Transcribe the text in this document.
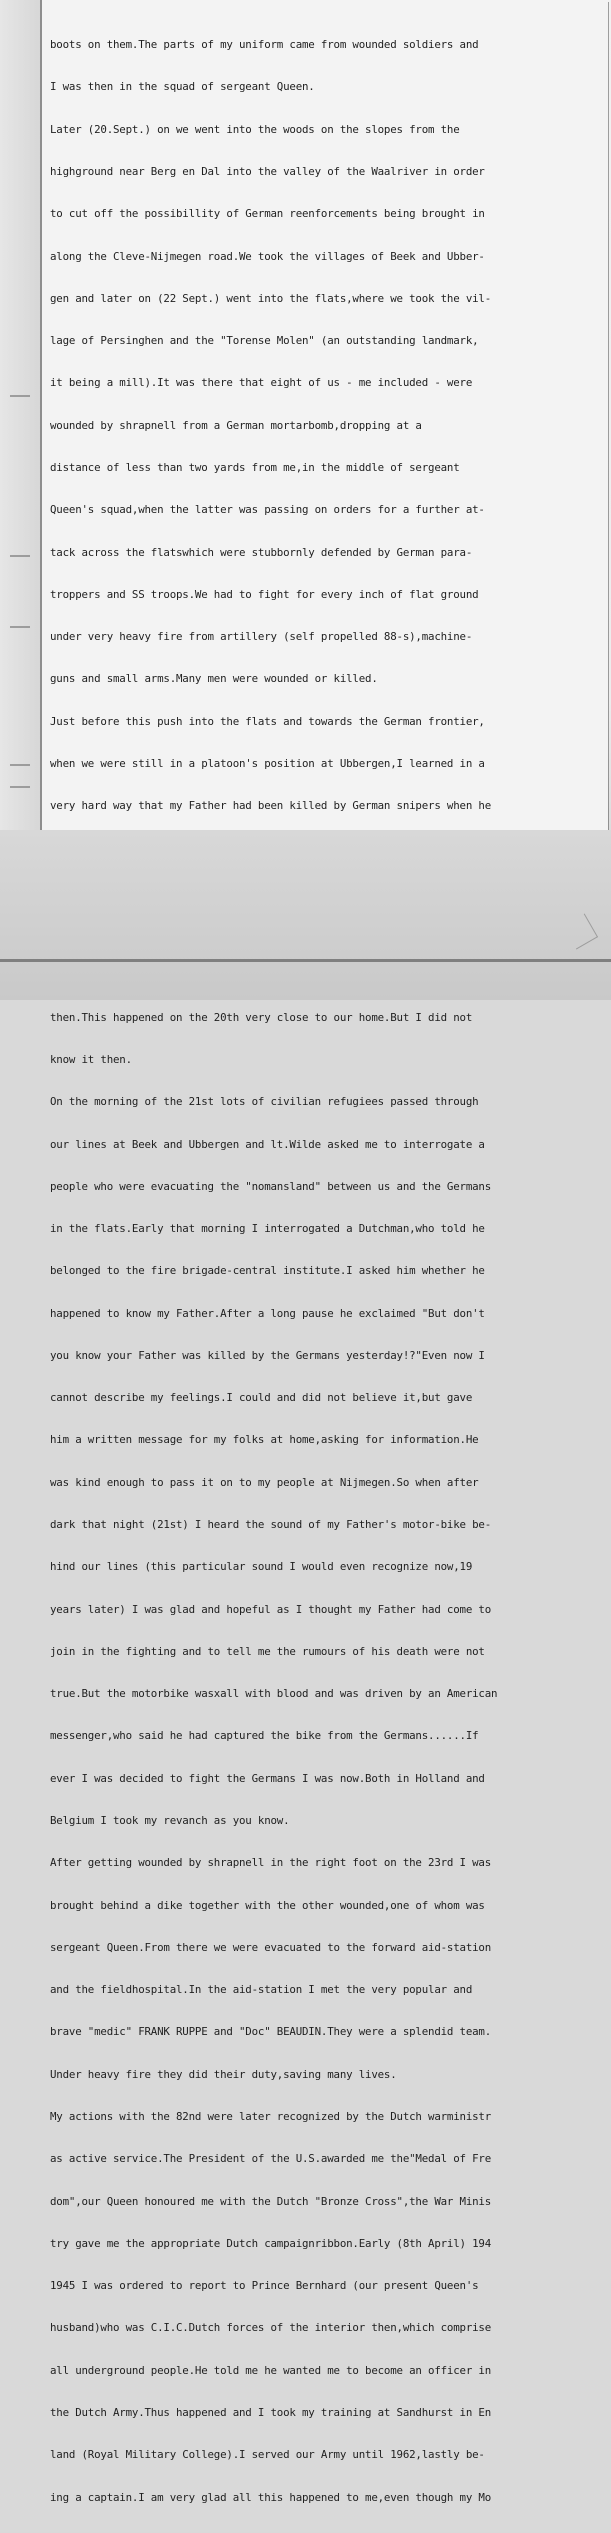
boots on them.The parts of my uniform came from wounded soldiers and

I was then in the squad of sergeant Queen.

Later (20.Sept.) on we went into the woods on the slopes from the

highground near Berg en Dal into the valley of the Waalriver in order

to cut off the possibillity of German reenforcements being brought in

along the Cleve-Nijmegen road.We took the villages of Beek and Ubber-

gen and later on (22 Sept.) went into the flats,where we took the vil-

lage of Persinghen and the "Torense Molen" (an outstanding landmark,

it being a mill).It was there that eight of us - me included - were

wounded by shrapnell from a German mortarbomb,dropping at a

distance of less than two yards from me,in the middle of sergeant

Queen's squad,when the latter was passing on orders for a further at-

tack across the flatswhich were stubbornly defended by German para-

troppers and SS troops.We had to fight for every inch of flat ground

under very heavy fire from artillery (self propelled 88-s),machine-

guns and small arms.Many men were wounded or killed.

Just before this push into the flats and towards the German frontier,

when we were still in a platoon's position at Ubbergen,I learned in a

very hard way that my Father had been killed by German snipers when he

then.This happened on the 20th very close to our home.But I did not

know it then.

On the morning of the 21st lots of civilian refugiees passed through

our lines at Beek and Ubbergen and lt.Wilde asked me to interrogate a

people who were evacuating the "nomansland" between us and the Germans

in the flats.Early that morning I interrogated a Dutchman,who told he

belonged to the fire brigade-central institute.I asked him whether he

happened to know my Father.After a long pause he exclaimed "But don't

you know your Father was killed by the Germans yesterday!?"Even now I

cannot describe my feelings.I could and did not believe it,but gave

him a written message for my folks at home,asking for information.He

was kind enough to pass it on to my people at Nijmegen.So when after

dark that night (21st) I heard the sound of my Father's motor-bike be-

hind our lines (this particular sound I would even recognize now,19

years later) I was glad and hopeful as I thought my Father had come to

join in the fighting and to tell me the rumours of his death were not

true.But the motorbike wasxall with blood and was driven by an American

messenger,who said he had captured the bike from the Germans......If

ever I was decided to fight the Germans I was now.Both in Holland and

Belgium I took my revanch as you know.

After getting wounded by shrapnell in the right foot on the 23rd I was

brought behind a dike together with the other wounded,one of whom was

sergeant Queen.From there we were evacuated to the forward aid-station

and the fieldhospital.In the aid-station I met the very popular and

brave "medic" FRANK RUPPE and "Doc" BEAUDIN.They were a splendid team.

Under heavy fire they did their duty,saving many lives.

My actions with the 82nd were later recognized by the Dutch warministr

as active service.The President of the U.S.awarded me the"Medal of Fre

dom",our Queen honoured me with the Dutch "Bronze Cross",the War Minis

try gave me the appropriate Dutch campaignribbon.Early (8th April) 194

1945 I was ordered to report to Prince Bernhard (our present Queen's

husband)who was C.I.C.Dutch forces of the interior then,which comprise

all underground people.He told me he wanted me to become an officer in

the Dutch Army.Thus happened and I took my training at Sandhurst in En

land (Royal Military College).I served our Army until 1962,lastly be-

ing a captain.I am very glad all this happened to me,even though my Mo
